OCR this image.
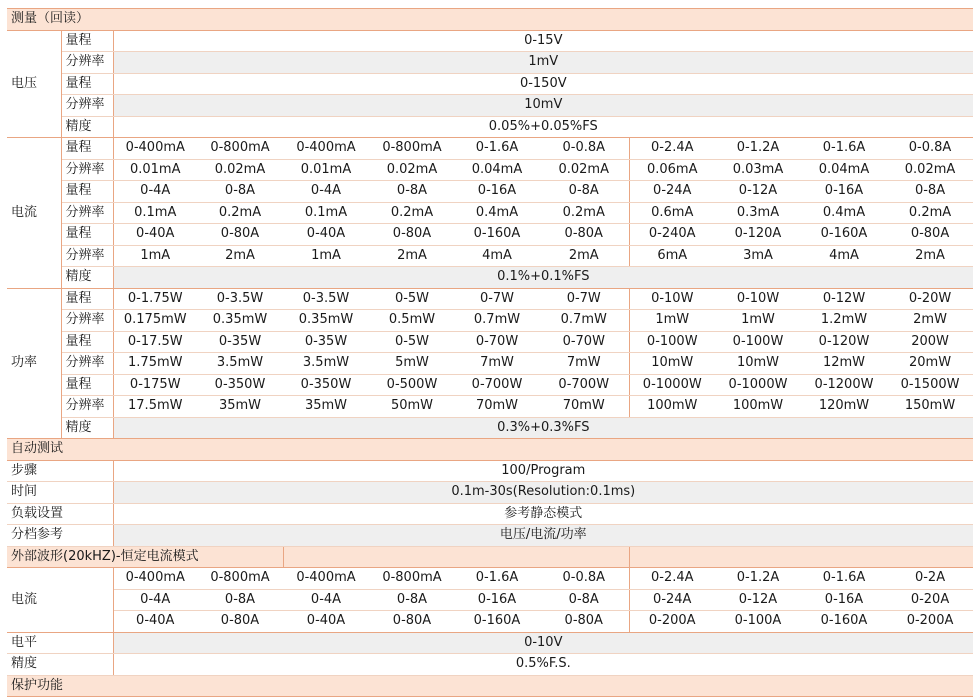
测量（回读）											
电压	量程	0-15V									
	分辨率	1mV									
	量程	0-150V									
	分辨率	10mV									
	精度	0.05%+0.05%FS									
电流	量程	0-400mA	0-800mA	0-400mA	0-800mA	0-1.6A	0-0.8A	0-2.4A	0-1.2A	0-1.6A	0-0.8A
	分辨率	0.01mA	0.02mA	0.01mA	0.02mA	0.04mA	0.02mA	0.06mA	0.03mA	0.04mA	0.02mA
	量程	0-4A	0-8A	0-4A	0-8A	0-16A	0-8A	0-24A	0-12A	0-16A	0-8A
	分辨率	0.1mA	0.2mA	0.1mA	0.2mA	0.4mA	0.2mA	0.6mA	0.3mA	0.4mA	0.2mA
	量程	0-40A	0-80A	0-40A	0-80A	0-160A	0-80A	0-240A	0-120A	0-160A	0-80A
	分辨率	1mA	2mA	1mA	2mA	4mA	2mA	6mA	3mA	4mA	2mA
	精度	0.1%+0.1%FS									
功率	量程	0-1.75W	0-3.5W	0-3.5W	0-5W	0-7W	0-7W	0-10W	0-10W	0-12W	0-20W
	分辨率	0.175mW	0.35mW	0.35mW	0.5mW	0.7mW	0.7mW	1mW	1mW	1.2mW	2mW
	量程	0-17.5W	0-35W	0-35W	0-5W	0-70W	0-70W	0-100W	0-100W	0-120W	200W
	分辨率	1.75mW	3.5mW	3.5mW	5mW	7mW	7mW	10mW	10mW	12mW	20mW
	量程	0-175W	0-350W	0-350W	0-500W	0-700W	0-700W	0-1000W	0-1000W	0-1200W	0-1500W
	分辨率	17.5mW	35mW	35mW	50mW	70mW	70mW	100mW	100mW	120mW	150mW
	精度	0.3%+0.3%FS									
自动测试											
步骤		100/Program									
时间		0.1m-30s(Resolution:0.1ms)									
负载设置		参考静态模式									
分档参考		电压/电流/功率									
外部波形(20kHZ)-恒定电流模式											
电流		0-400mA	0-800mA	0-400mA	0-800mA	0-1.6A	0-0.8A	0-2.4A	0-1.2A	0-1.6A	0-2A
		0-4A	0-8A	0-4A	0-8A	0-16A	0-8A	0-24A	0-12A	0-16A	0-20A
		0-40A	0-80A	0-40A	0-80A	0-160A	0-80A	0-200A	0-100A	0-160A	0-200A
电平		0-10V									
精度		0.5%F.S.									
保护功能											
